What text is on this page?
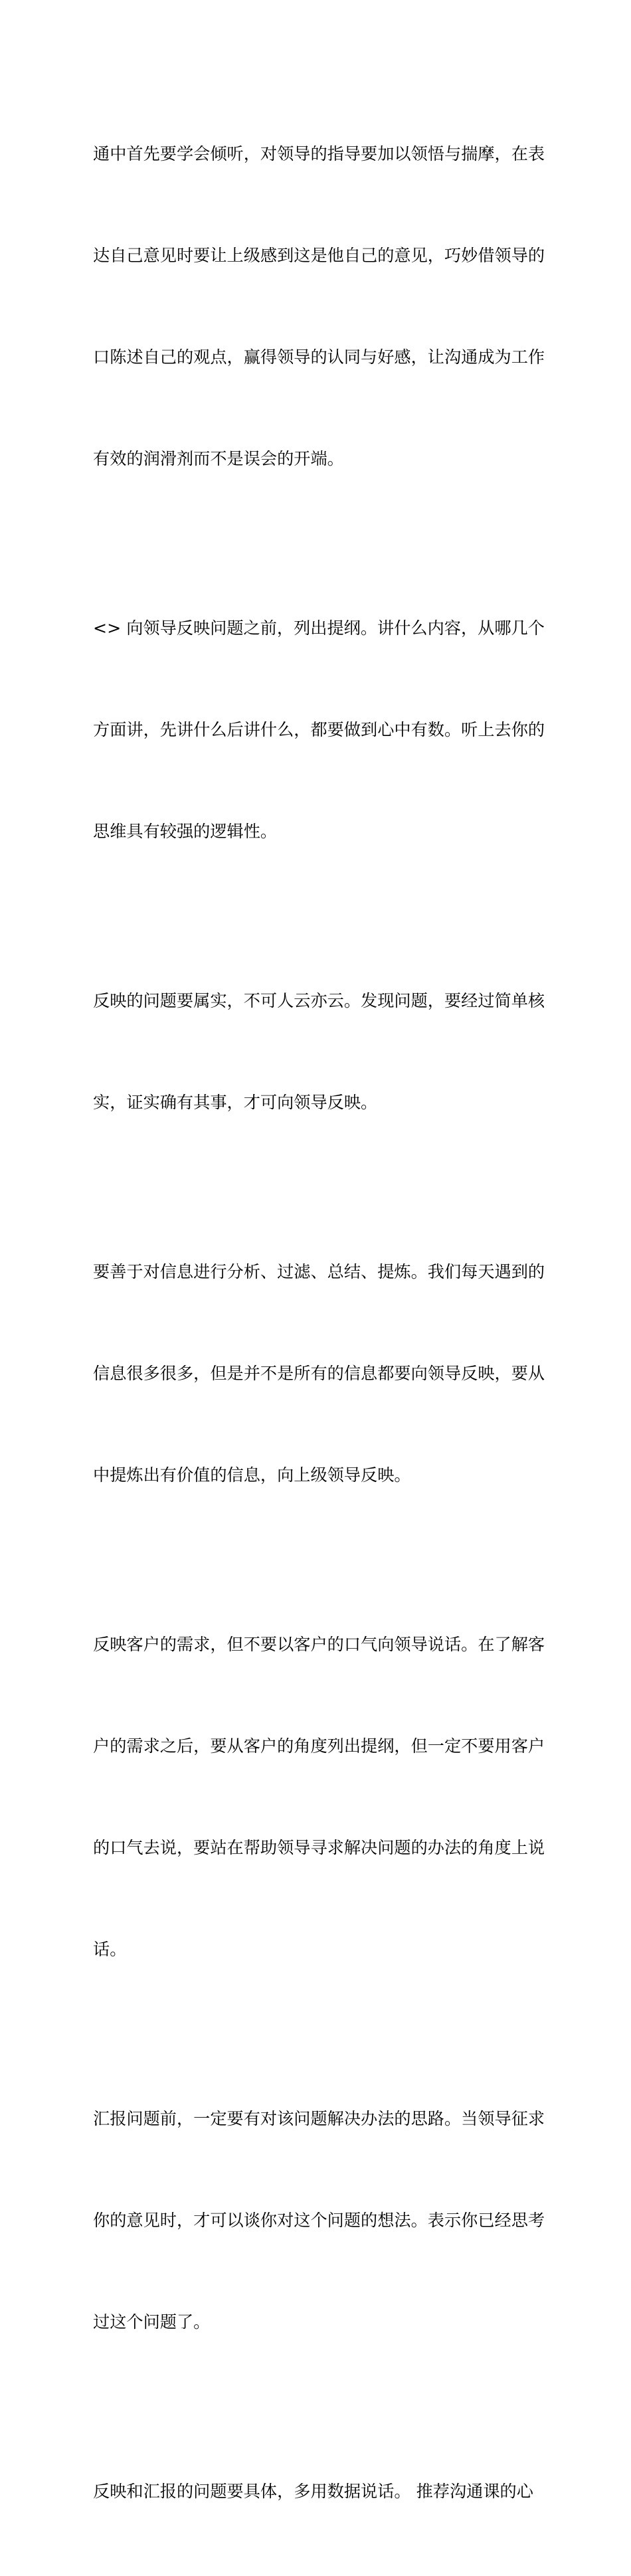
通中首先要学会倾听，对领导的指导要加以领悟与揣摩，在表

达自己意见时要让上级感到这是他自己的意见，巧妙借领导的

口陈述自己的观点，赢得领导的认同与好感，让沟通成为工作

有效的润滑剂而不是误会的开端。

<> 向领导反映问题之前，列出提纲。讲什么内容，从哪几个

方面讲，先讲什么后讲什么，都要做到心中有数。听上去你的

思维具有较强的逻辑性。

反映的问题要属实，不可人云亦云。发现问题，要经过简单核

实，证实确有其事，才可向领导反映。

要善于对信息进行分析、过滤、总结、提炼。我们每天遇到的

信息很多很多，但是并不是所有的信息都要向领导反映，要从

中提炼出有价值的信息，向上级领导反映。

反映客户的需求，但不要以客户的口气向领导说话。在了解客

户的需求之后，要从客户的角度列出提纲，但一定不要用客户

的口气去说，要站在帮助领导寻求解决问题的办法的角度上说

话。

汇报问题前，一定要有对该问题解决办法的思路。当领导征求

你的意见时，才可以谈你对这个问题的想法。表示你已经思考

过这个问题了。

反映和汇报的问题要具体，多用数据说话。 推荐沟通课的心
